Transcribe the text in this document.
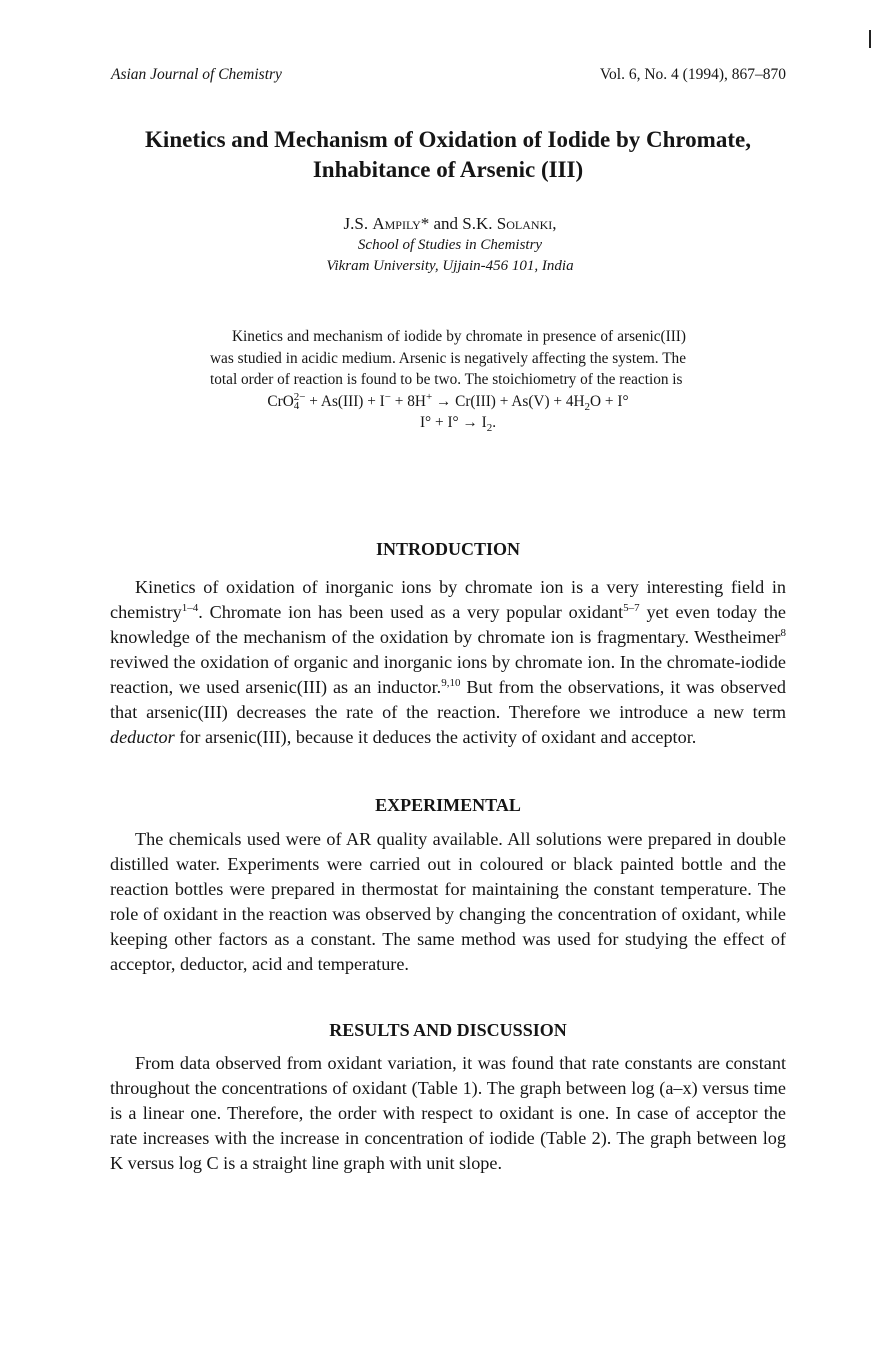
Asian Journal of Chemistry	Vol. 6, No. 4 (1994), 867–870
Kinetics and Mechanism of Oxidation of Iodide by Chromate,
Inhabitance of Arsenic (III)
J.S. Ampily* and S.K. Solanki,
School of Studies in Chemistry
Vikram University, Ujjain-456 101, India

Kinetics and mechanism of iodide by chromate in presence of arsenic(III) was studied in acidic medium. Arsenic is negatively affecting the system. The total order of reaction is found to be two. The stoichiometry of the reaction is

CrO 2−
$4 + As(III) + I^- + 8H^+ \to Cr(III) + As(V) + 4H_2O + I^\circ$
$I^\circ + I^\circ \to I_2$.
INTRODUCTION

Kinetics of oxidation of inorganic ions by chromate ion is a very interesting field in chemistry$^{1-4}$. Chromate ion has been used as a very popular oxidant$^{5-7}$ yet even today the knowledge of the mechanism of the oxidation by chromate ion is fragmentary. Westheimer$^8$ reviwed the oxidation of organic and inorganic ions by chromate ion. In the chromate-iodide reaction, we used arsenic(III) as an inductor.$^{9,10}$ But from the observations, it was observed that arsenic(III) decreases the rate of the reaction. Therefore we introduce a new term deductor for arsenic(III), because it deduces the activity of oxidant and acceptor.

EXPERIMENTAL

The chemicals used were of AR quality available. All solutions were prepared in double distilled water. Experiments were carried out in coloured or black painted bottle and the reaction bottles were prepared in thermostat for maintaining the constant temperature. The role of oxidant in the reaction was observed by changing the concentration of oxidant, while keeping other factors as a constant. The same method was used for studying the effect of acceptor, deductor, acid and temperature.

RESULTS AND DISCUSSION

From data observed from oxidant variation, it was found that rate constants are constant throughout the concentrations of oxidant (Table 1). The graph between log (a–x) versus time is a linear one. Therefore, the order with respect to oxidant is one. In case of acceptor the rate increases with the increase in concentration of iodide (Table 2). The graph between log K versus log C is a straight line graph with unit slope.
